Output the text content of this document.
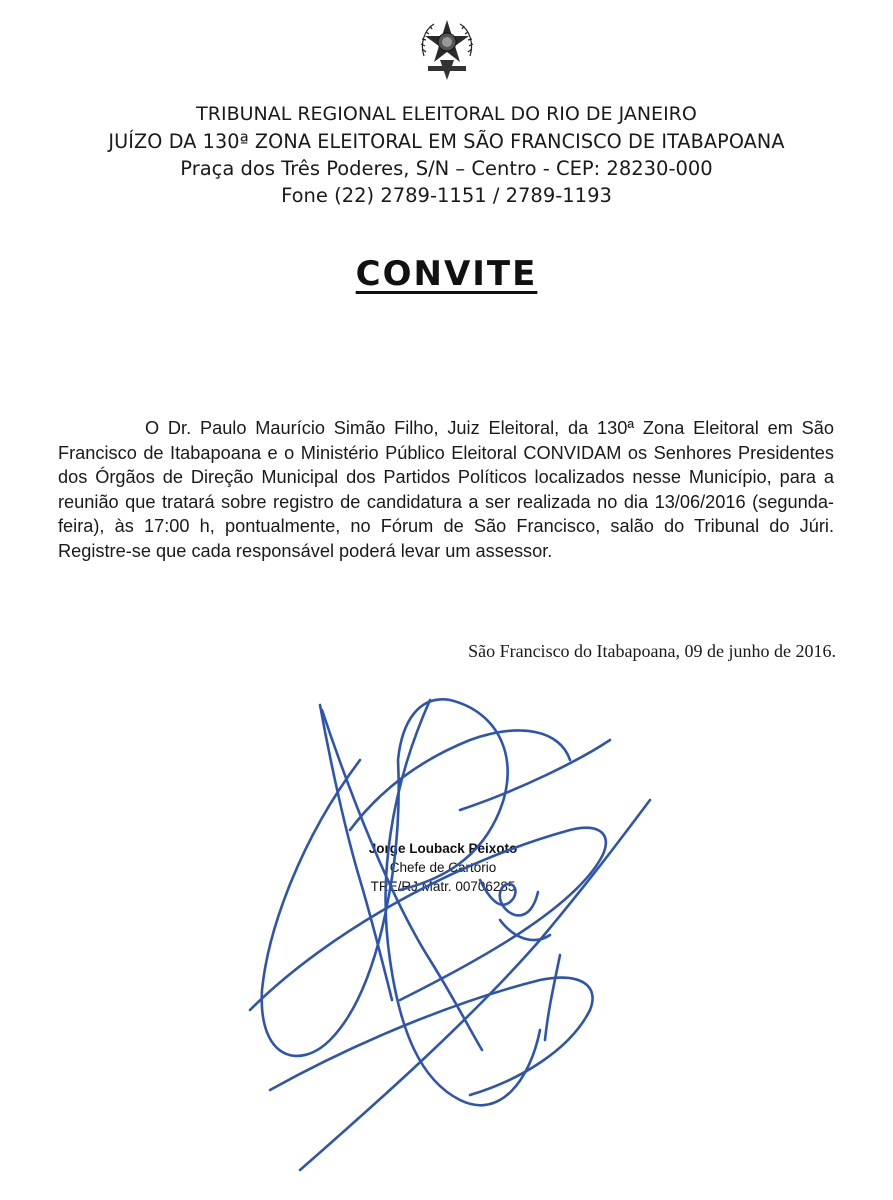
TRIBUNAL REGIONAL ELEITORAL DO RIO DE JANEIRO
JUÍZO DA 130ª ZONA ELEITORAL EM SÃO FRANCISCO DE ITABAPOANA
Praça dos Três Poderes, S/N – Centro - CEP: 28230-000
Fone (22) 2789-1151 / 2789-1193
CONVITE

O Dr. Paulo Maurício Simão Filho, Juiz Eleitoral, da 130ª Zona Eleitoral em São Francisco de Itabapoana e o Ministério Público Eleitoral CONVIDAM os Senhores Presidentes dos Órgãos de Direção Municipal dos Partidos Políticos localizados nesse Município, para a reunião que tratará sobre registro de candidatura a ser realizada no dia 13/06/2016 (segunda-feira), às 17:00 h, pontualmente, no Fórum de São Francisco, salão do Tribunal do Júri. Registre-se que cada responsável poderá levar um assessor.

São Francisco do Itabapoana, 09 de junho de 2016.
Jorge Louback Peixoto
Chefe de Cartório
TRE/RJ Matr. 00706285
